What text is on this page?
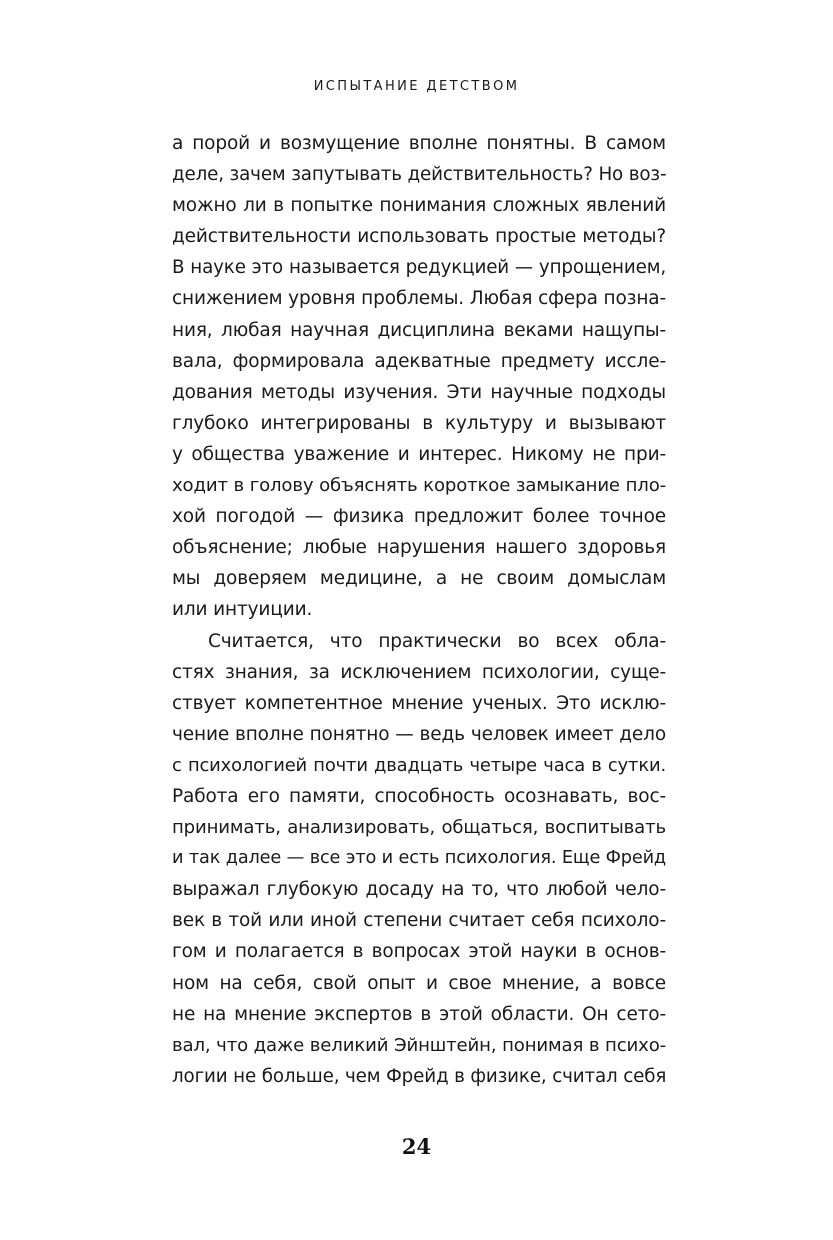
ИСПЫТАНИЕ ДЕТСТВОМ
а порой и возмущение вполне понятны. В самом
деле, зачем запутывать действительность? Но воз-
можно ли в попытке понимания сложных явлений
действительности использовать простые методы?
В науке это называется редукцией — упрощением,
снижением уровня проблемы. Любая сфера позна-
ния, любая научная дисциплина веками нащупы-
вала, формировала адекватные предмету иссле-
дования методы изучения. Эти научные подходы
глубоко интегрированы в культуру и вызывают
у общества уважение и интерес. Никому не при-
ходит в голову объяснять короткое замыкание пло-
хой погодой — физика предложит более точное
объяснение; любые нарушения нашего здоровья
мы доверяем медицине, а не своим домыслам
или интуиции.
Считается, что практически во всех обла-
стях знания, за исключением психологии, суще-
ствует компетентное мнение ученых. Это исклю-
чение вполне понятно — ведь человек имеет дело
с психологией почти двадцать четыре часа в сутки.
Работа его памяти, способность осознавать, вос-
принимать, анализировать, общаться, воспитывать
и так далее — все это и есть психология. Еще Фрейд
выражал глубокую досаду на то, что любой чело-
век в той или иной степени считает себя психоло-
гом и полагается в вопросах этой науки в основ-
ном на себя, свой опыт и свое мнение, а вовсе
не на мнение экспертов в этой области. Он сето-
вал, что даже великий Эйнштейн, понимая в психо-
логии не больше, чем Фрейд в физике, считал себя
24
